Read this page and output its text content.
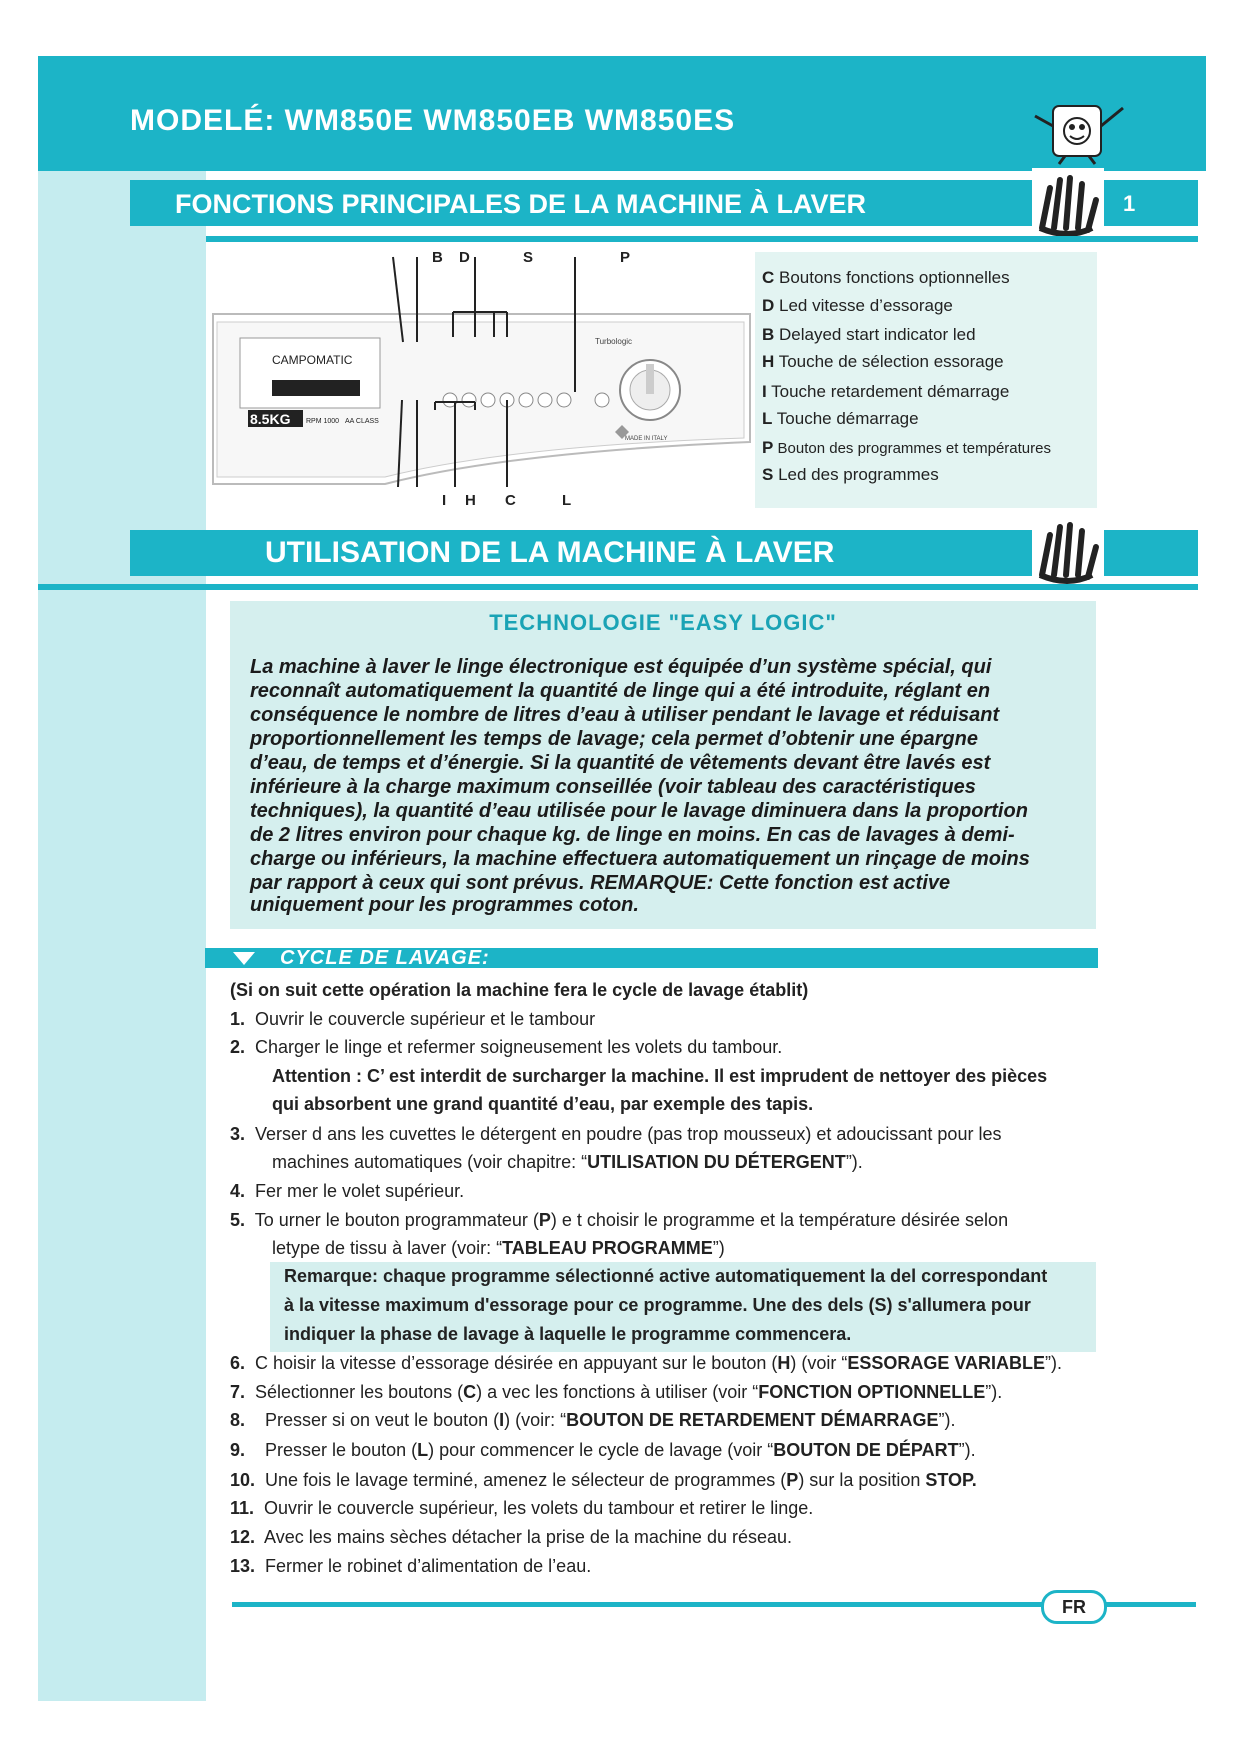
MODELÉ: WM850E WM850EB WM850ES
FONCTIONS PRINCIPALES DE LA MACHINE À LAVER	1
CAMPOMATIC
8.5KG RPM 1000 AA CLASS
Turbologic
MADE IN ITALY
B D	S	P
I H C	L
C Boutons fonctions optionnelles
D Led vitesse d’essorage
B Delayed start indicator led
H Touche de sélection essorage
I Touche retardement démarrage
L Touche démarrage
P Bouton des programmes et températures
S Led des programmes
UTILISATION DE LA MACHINE À LAVER
TECHNOLOGIE "EASY LOGIC"
La machine à laver le linge électronique est équipée d’un système spécial, qui
reconnaît automatiquement la quantité de linge qui a été introduite, réglant en
conséquence le nombre de litres d’eau à utiliser pendant le lavage et réduisant
proportionnellement les temps de lavage; cela permet d’obtenir une épargne
d’eau, de temps et d’énergie. Si la quantité de vêtements devant être lavés est
inférieure à la charge maximum conseillée (voir tableau des caractéristiques
techniques), la quantité d’eau utilisée pour le lavage diminuera dans la proportion
de 2 litres environ pour chaque kg. de linge en moins. En cas de lavages à demi-
charge ou inférieurs, la machine effectuera automatiquement un rinçage de moins
par rapport à ceux qui sont prévus. REMARQUE: Cette fonction est active
uniquement pour les programmes coton.
CYCLE DE LAVAGE:
(Si on suit cette opération la machine fera le cycle de lavage établit)
1. Ouvrir le couvercle supérieur et le tambour
2. Charger le linge et refermer soigneusement les volets du tambour.
Attention : C’ est interdit de surcharger la machine. Il est imprudent de nettoyer des pièces
qui absorbent une grand quantité d’eau, par exemple des tapis.
3. Verser d ans les cuvettes le détergent en poudre (pas trop mousseux) et adoucissant pour les
machines automatiques (voir chapitre: “UTILISATION DU DÉTERGENT”).
4. Fer mer le volet supérieur.
5. To urner le bouton programmateur (P) e t choisir le programme et la température désirée selon
letype de tissu à laver (voir: “TABLEAU PROGRAMME”)
Remarque: chaque programme sélectionné active automatiquement la del correspondant
à la vitesse maximum d'essorage pour ce programme. Une des dels (S) s'allumera pour
indiquer la phase de lavage à laquelle le programme commencera.
6. C hoisir la vitesse d’essorage désirée en appuyant sur le bouton (H) (voir “ESSORAGE VARIABLE”).
7. Sélectionner les boutons (C) a vec les fonctions à utiliser (voir “FONCTION OPTIONNELLE”).
8. Presser si on veut le bouton (I) (voir: “BOUTON DE RETARDEMENT DÉMARRAGE”).
9. Presser le bouton (L) pour commencer le cycle de lavage (voir “BOUTON DE DÉPART”).
10. Une fois le lavage terminé, amenez le sélecteur de programmes (P) sur la position STOP.
11. Ouvrir le couvercle supérieur, les volets du tambour et retirer le linge.
12. Avec les mains sèches détacher la prise de la machine du réseau.
13. Fermer le robinet d’alimentation de l’eau.
FR
